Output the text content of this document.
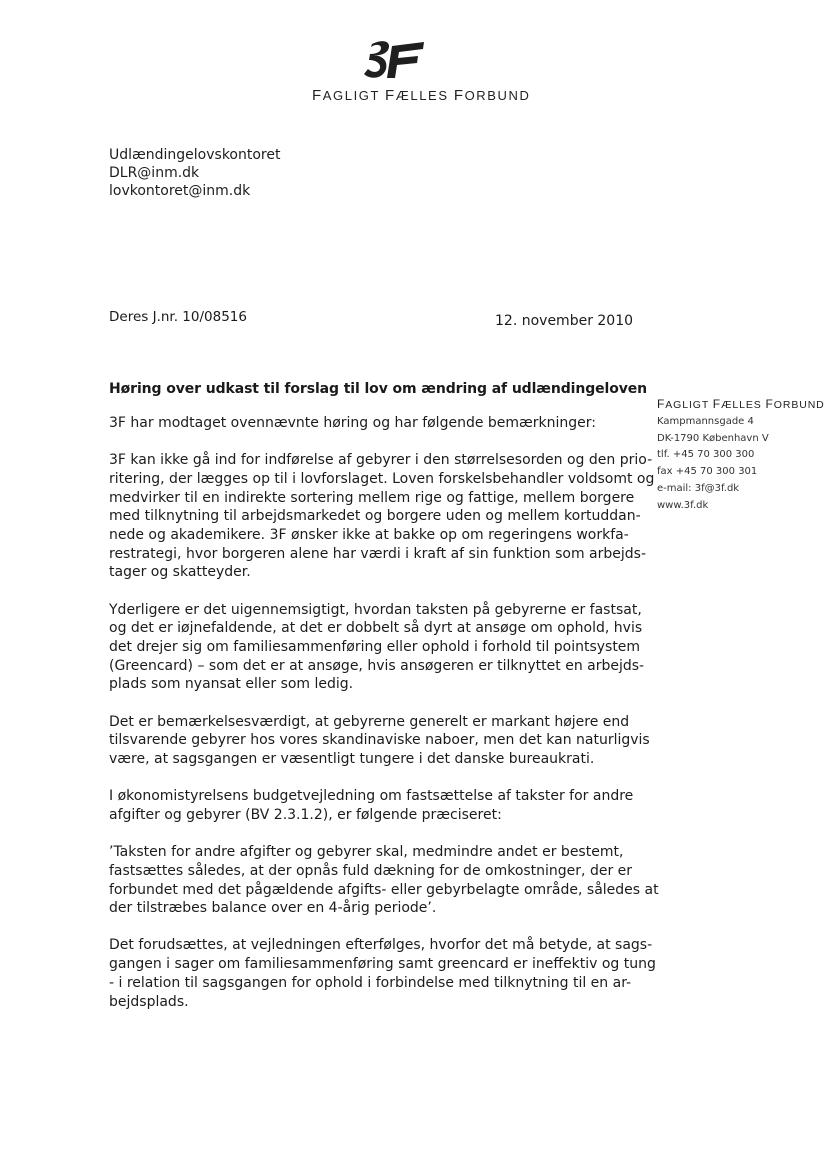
FAGLIGT FÆLLES FORBUND
Udlændingelovskontoret
DLR@inm.dk
lovkontoret@inm.dk
Deres J.nr. 10/08516	12. november 2010
Høring over udkast til forslag til lov om ændring af udlændingeloven

3F har modtaget ovennævnte høring og har følgende bemærkninger:

3F kan ikke gå ind for indførelse af gebyrer i den størrelsesorden og den prio-
ritering, der lægges op til i lovforslaget. Loven forskelsbehandler voldsomt og
medvirker til en indirekte sortering mellem rige og fattige, mellem borgere
med tilknytning til arbejdsmarkedet og borgere uden og mellem kortuddan-
nede og akademikere. 3F ønsker ikke at bakke op om regeringens workfa-
restrategi, hvor borgeren alene har værdi i kraft af sin funktion som arbejds-
tager og skatteyder.

Yderligere er det uigennemsigtigt, hvordan taksten på gebyrerne er fastsat,
og det er iøjnefaldende, at det er dobbelt så dyrt at ansøge om ophold, hvis
det drejer sig om familiesammenføring eller ophold i forhold til pointsystem
(Greencard) – som det er at ansøge, hvis ansøgeren er tilknyttet en arbejds-
plads som nyansat eller som ledig.

Det er bemærkelsesværdigt, at gebyrerne generelt er markant højere end
tilsvarende gebyrer hos vores skandinaviske naboer, men det kan naturligvis
være, at sagsgangen er væsentligt tungere i det danske bureaukrati.

I økonomistyrelsens budgetvejledning om fastsættelse af takster for andre
afgifter og gebyrer (BV 2.3.1.2), er følgende præciseret:

’Taksten for andre afgifter og gebyrer skal, medmindre andet er bestemt,
fastsættes således, at der opnås fuld dækning for de omkostninger, der er
forbundet med det pågældende afgifts- eller gebyrbelagte område, således at
der tilstræbes balance over en 4-årig periode’.

Det forudsættes, at vejledningen efterfølges, hvorfor det må betyde, at sags-
gangen i sager om familiesammenføring samt greencard er ineffektiv og tung
- i relation til sagsgangen for ophold i forbindelse med tilknytning til en ar-
bejdsplads.

FAGLIGT FÆLLES FORBUND
Kampmannsgade 4
DK-1790 København V
tlf. +45 70 300 300
fax +45 70 300 301
e-mail: 3f@3f.dk
www.3f.dk
